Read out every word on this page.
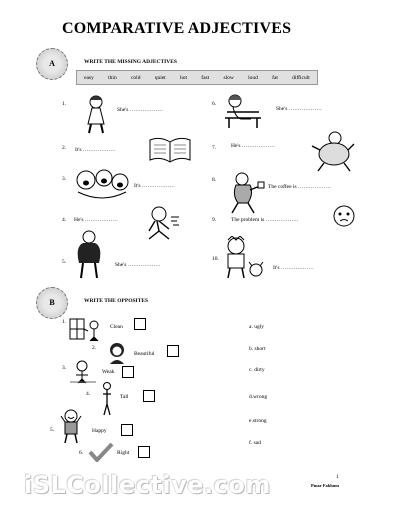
COMPARATIVE ADJECTIVES
A	WRITE THE MISSING ADJECTIVES
easy	thin	cold	quiet	hot	fast	slow	loud	fat	difficult
1.
She's ………………
2. It's ………………
3.
It's ………………
4. He's ………………
5.	She's ………………
6.
She's ………………
7.	He's ………………
8.
The coffee is ………………
9.	The problem is ………………
10.
It's ………………
B	WRITE THE OPPOSITES
1.
Clean
2.
Beautiful
3.
Weak
4.	Tall
5.	Happy
6.	Right
a. ugly
b. short
c. dirty
d.wrong
e.strong
f. sad
1
Pınar Fakhum
iSLCollective.com
